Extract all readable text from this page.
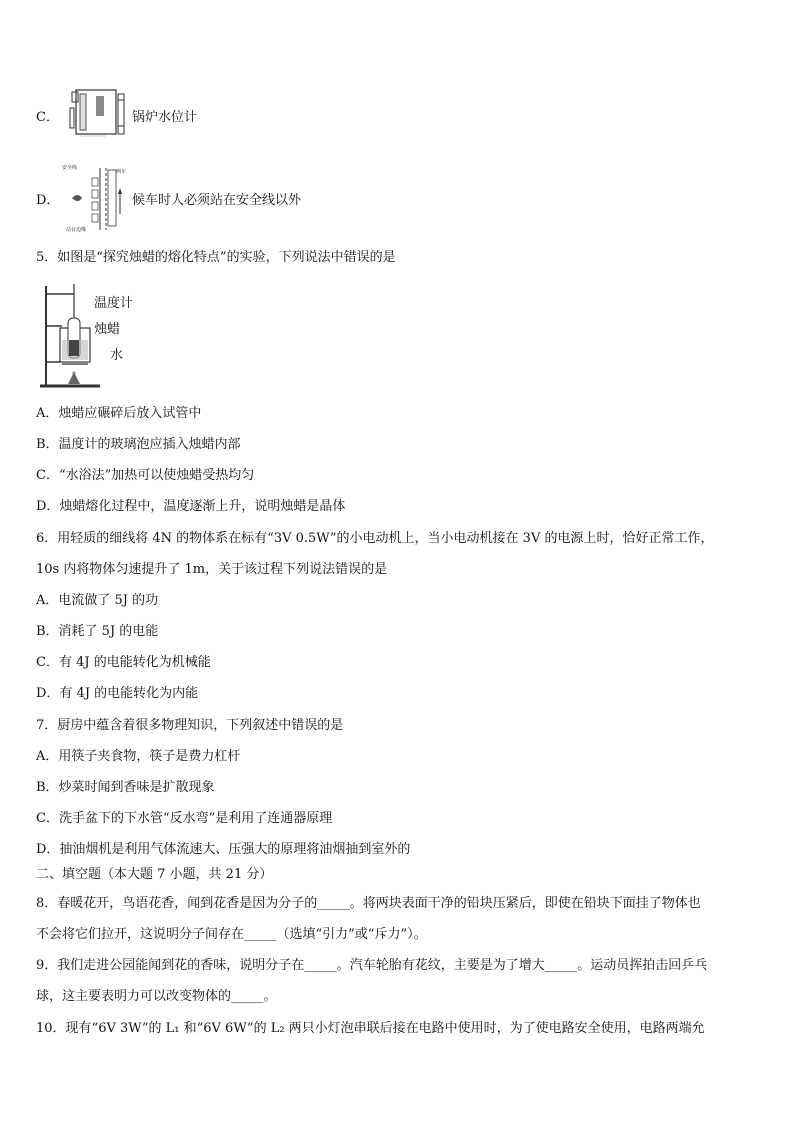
C．	锅炉水位计
D．
安全线
列车
站台边缘
候车时人必须站在安全线以外
5．如图是“探究烛蜡的熔化特点”的实验，下列说法中错误的是
温度计
烛蜡
水
A．烛蜡应碾碎后放入试管中
B．温度计的玻璃泡应插入烛蜡内部
C．“水浴法”加热可以使烛蜡受热均匀
D．烛蜡熔化过程中，温度逐渐上升，说明烛蜡是晶体
6．用轻质的细线将 4N 的物体系在标有“3V 0.5W”的小电动机上，当小电动机接在 3V 的电源上时，恰好正常工作，
10s 内将物体匀速提升了 1m，关于该过程下列说法错误的是
A．电流做了 5J 的功
B．消耗了 5J 的电能
C．有 4J 的电能转化为机械能
D．有 4J 的电能转化为内能
7．厨房中蕴含着很多物理知识，下列叙述中错误的是
A．用筷子夹食物，筷子是费力杠杆
B．炒菜时闻到香味是扩散现象
C．洗手盆下的下水管“反水弯”是利用了连通器原理
D．抽油烟机是利用气体流速大、压强大的原理将油烟抽到室外的
二、填空题（本大题 7 小题，共 21 分）
8．春暖花开，鸟语花香，闻到花香是因为分子的_____。将两块表面干净的铅块压紧后，即使在铅块下面挂了物体也
不会将它们拉开，这说明分子间存在_____（选填“引力”或“斥力”）。
9．我们走进公园能闻到花的香味，说明分子在_____。汽车轮胎有花纹，主要是为了增大_____。运动员挥拍击回乒乓
球，这主要表明力可以改变物体的_____。
10．现有“6V 3W”的 L₁ 和“6V 6W”的 L₂ 两只小灯泡串联后接在电路中使用时，为了使电路安全使用，电路两端允
